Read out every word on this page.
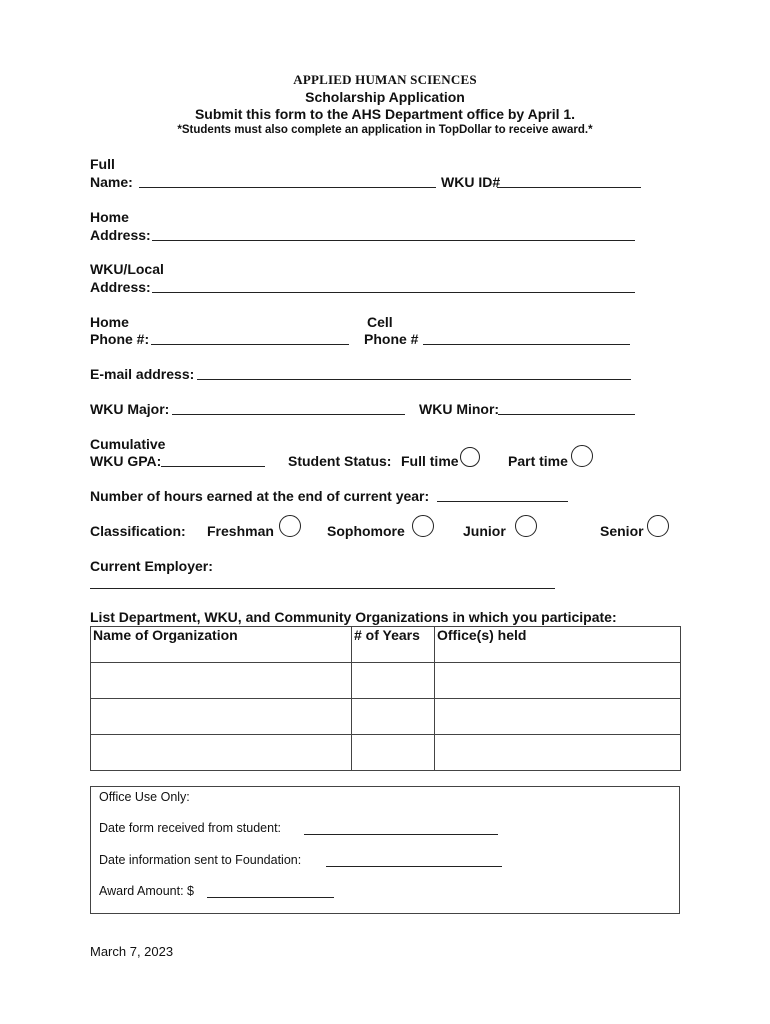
APPLIED HUMAN SCIENCES
Scholarship Application
Submit this form to the AHS Department office by April 1.
*Students must also complete an application in TopDollar to receive award.*
Full
Name:	WKU ID#
Home
Address:
WKU/Local
Address:
Home
Phone #:
Cell
Phone #
E-mail address:
WKU Major:	WKU Minor:
Cumulative
WKU GPA:	Student Status: Full time	Part time
Number of hours earned at the end of current year:
Classification: Freshman	Sophomore	Junior	Senior
Current Employer:
List Department, WKU, and Community Organizations in which you participate:
Name of Organization	# of Years	Office(s) held

Office Use Only:
Date form received from student:
Date information sent to Foundation:
Award Amount: $
March 7, 2023
